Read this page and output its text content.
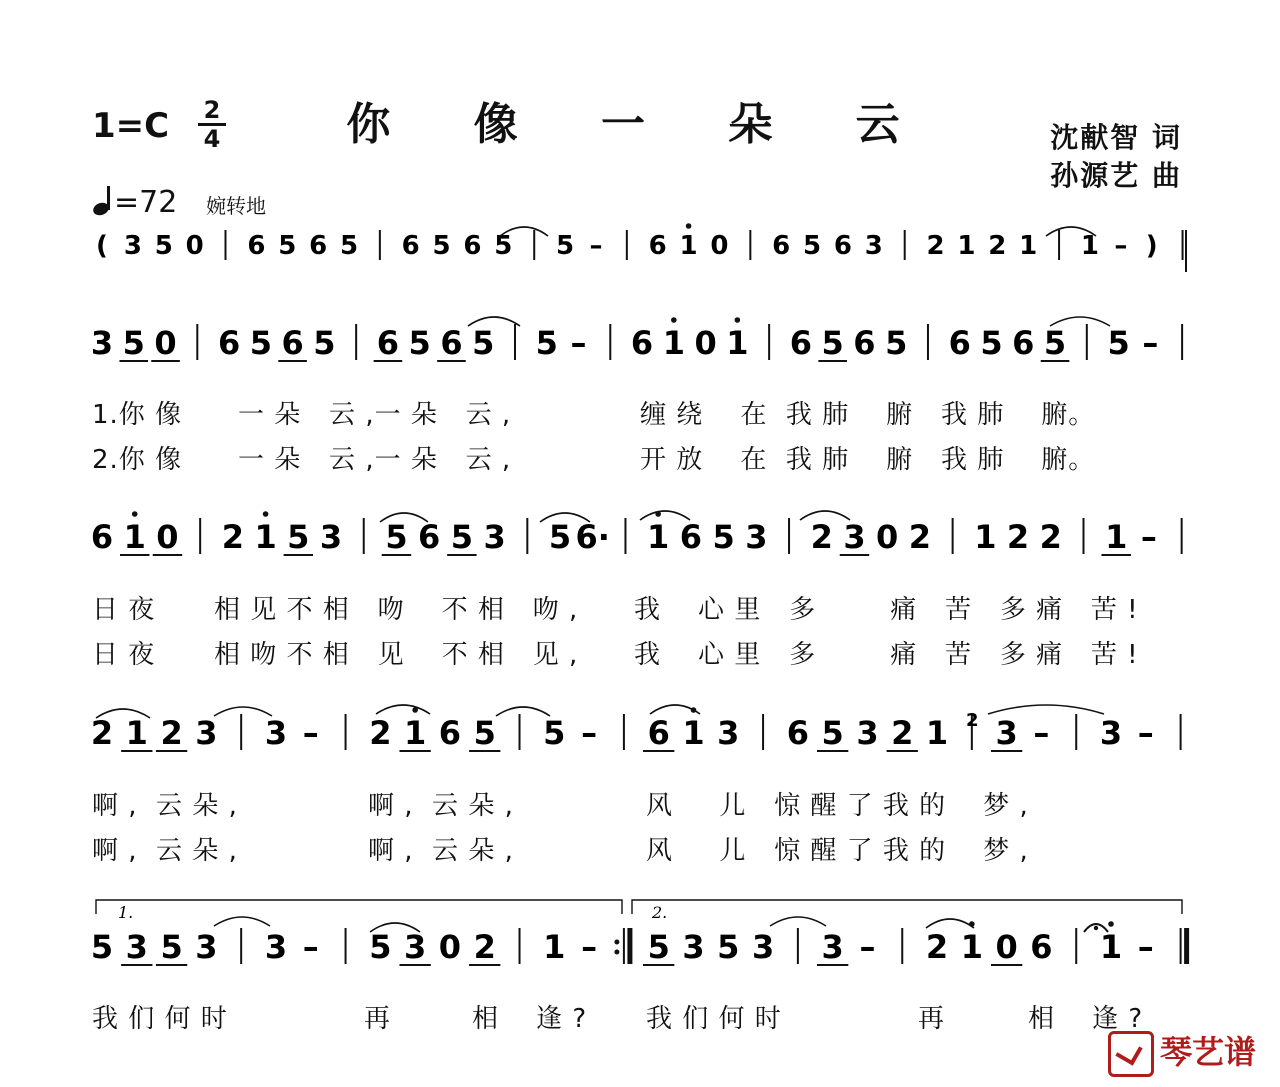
你 像 一 朵 云
1=C 2
4	沈献智 词
孙源艺 曲
=72 婉转地
( 3 5 0 6 5 6 5 6 5 6 5 5 – 6 1 0 6 5 6 3 2 1 2 1 1 – )
3 5 0 6 5 6 5 6 5 6 5 5 – 6 1 0 1 6 5 6 5 6 5 6 5 5 –
6 1 0 2 1 5 3 5 6 5 3 5 6· 1 6 5 3 2 3 0 2 1 2 2 1 –
2 1 2 3 3 – 2 1 6 5 5 – 6 1 3 6 5 3 2 1 3 – 3 –
5 3 5 3 3 – 5 3 0 2 1 – 5 3 5 3 3 – 2 1 0 6 1 –
1.	2.
2
1.你 像 一 朵   云 ,一 朵   云 ,	缠 绕    在  我 肺    腑   我 肺    腑。
2.你 像 一 朵   云 ,一 朵   云 ,	开 放    在  我 肺    腑   我 肺    腑。
日 夜 相 见 不 相   吻    不 相   吻 , 我    心 里   多        痛   苦   多 痛   苦 !
日 夜 相 吻 不 相   见    不 相   见 , 我    心 里   多        痛   苦   多 痛   苦 !
啊 ,  云 朵 ,	啊 ,  云 朵 ,	风     儿   惊 醒 了 我 的    梦 ,
啊 ,  云 朵 ,	啊 ,  云 朵 ,	风     儿   惊 醒 了 我 的    梦 ,
我 们 何 时	再	相    逢 ? 我 们 何 时	再	相    逢 ?
琴艺谱
